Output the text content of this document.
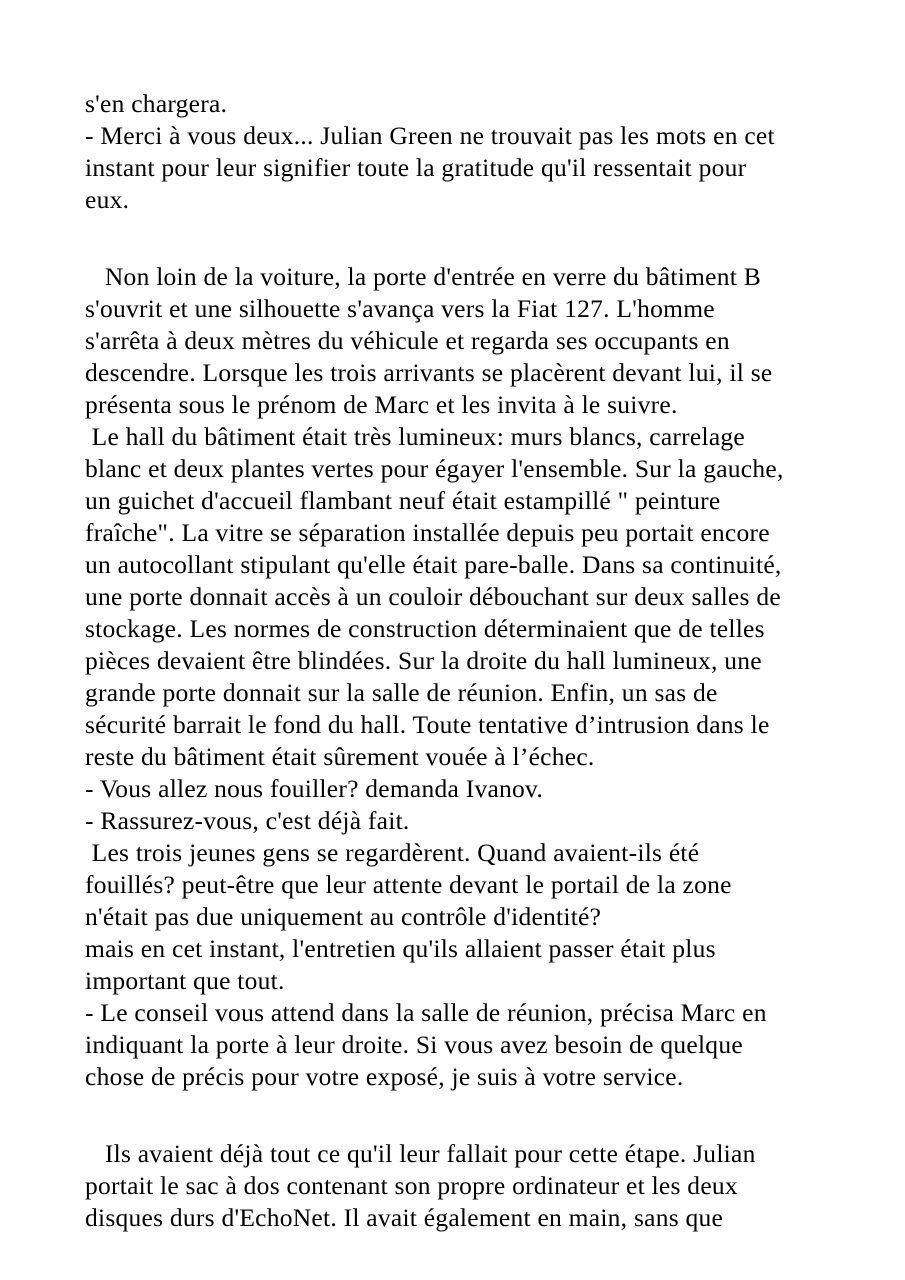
s'en chargera.
- Merci à vous deux... Julian Green ne trouvait pas les mots en cet
instant pour leur signifier toute la gratitude qu'il ressentait pour
eux.
Non loin de la voiture, la porte d'entrée en verre du bâtiment B
s'ouvrit et une silhouette s'avança vers la Fiat 127. L'homme
s'arrêta à deux mètres du véhicule et regarda ses occupants en
descendre. Lorsque les trois arrivants se placèrent devant lui, il se
présenta sous le prénom de Marc et les invita à le suivre.
Le hall du bâtiment était très lumineux: murs blancs, carrelage
blanc et deux plantes vertes pour égayer l'ensemble. Sur la gauche,
un guichet d'accueil flambant neuf était estampillé " peinture
fraîche". La vitre se séparation installée depuis peu portait encore
un autocollant stipulant qu'elle était pare-balle. Dans sa continuité,
une porte donnait accès à un couloir débouchant sur deux salles de
stockage. Les normes de construction déterminaient que de telles
pièces devaient être blindées. Sur la droite du hall lumineux, une
grande porte donnait sur la salle de réunion. Enfin, un sas de
sécurité barrait le fond du hall. Toute tentative d’intrusion dans le
reste du bâtiment était sûrement vouée à l’échec.
- Vous allez nous fouiller? demanda Ivanov.
- Rassurez-vous, c'est déjà fait.
Les trois jeunes gens se regardèrent. Quand avaient-ils été
fouillés? peut-être que leur attente devant le portail de la zone
n'était pas due uniquement au contrôle d'identité?
mais en cet instant, l'entretien qu'ils allaient passer était plus
important que tout.
- Le conseil vous attend dans la salle de réunion, précisa Marc en
indiquant la porte à leur droite. Si vous avez besoin de quelque
chose de précis pour votre exposé, je suis à votre service.
Ils avaient déjà tout ce qu'il leur fallait pour cette étape. Julian
portait le sac à dos contenant son propre ordinateur et les deux
disques durs d'EchoNet. Il avait également en main, sans que
